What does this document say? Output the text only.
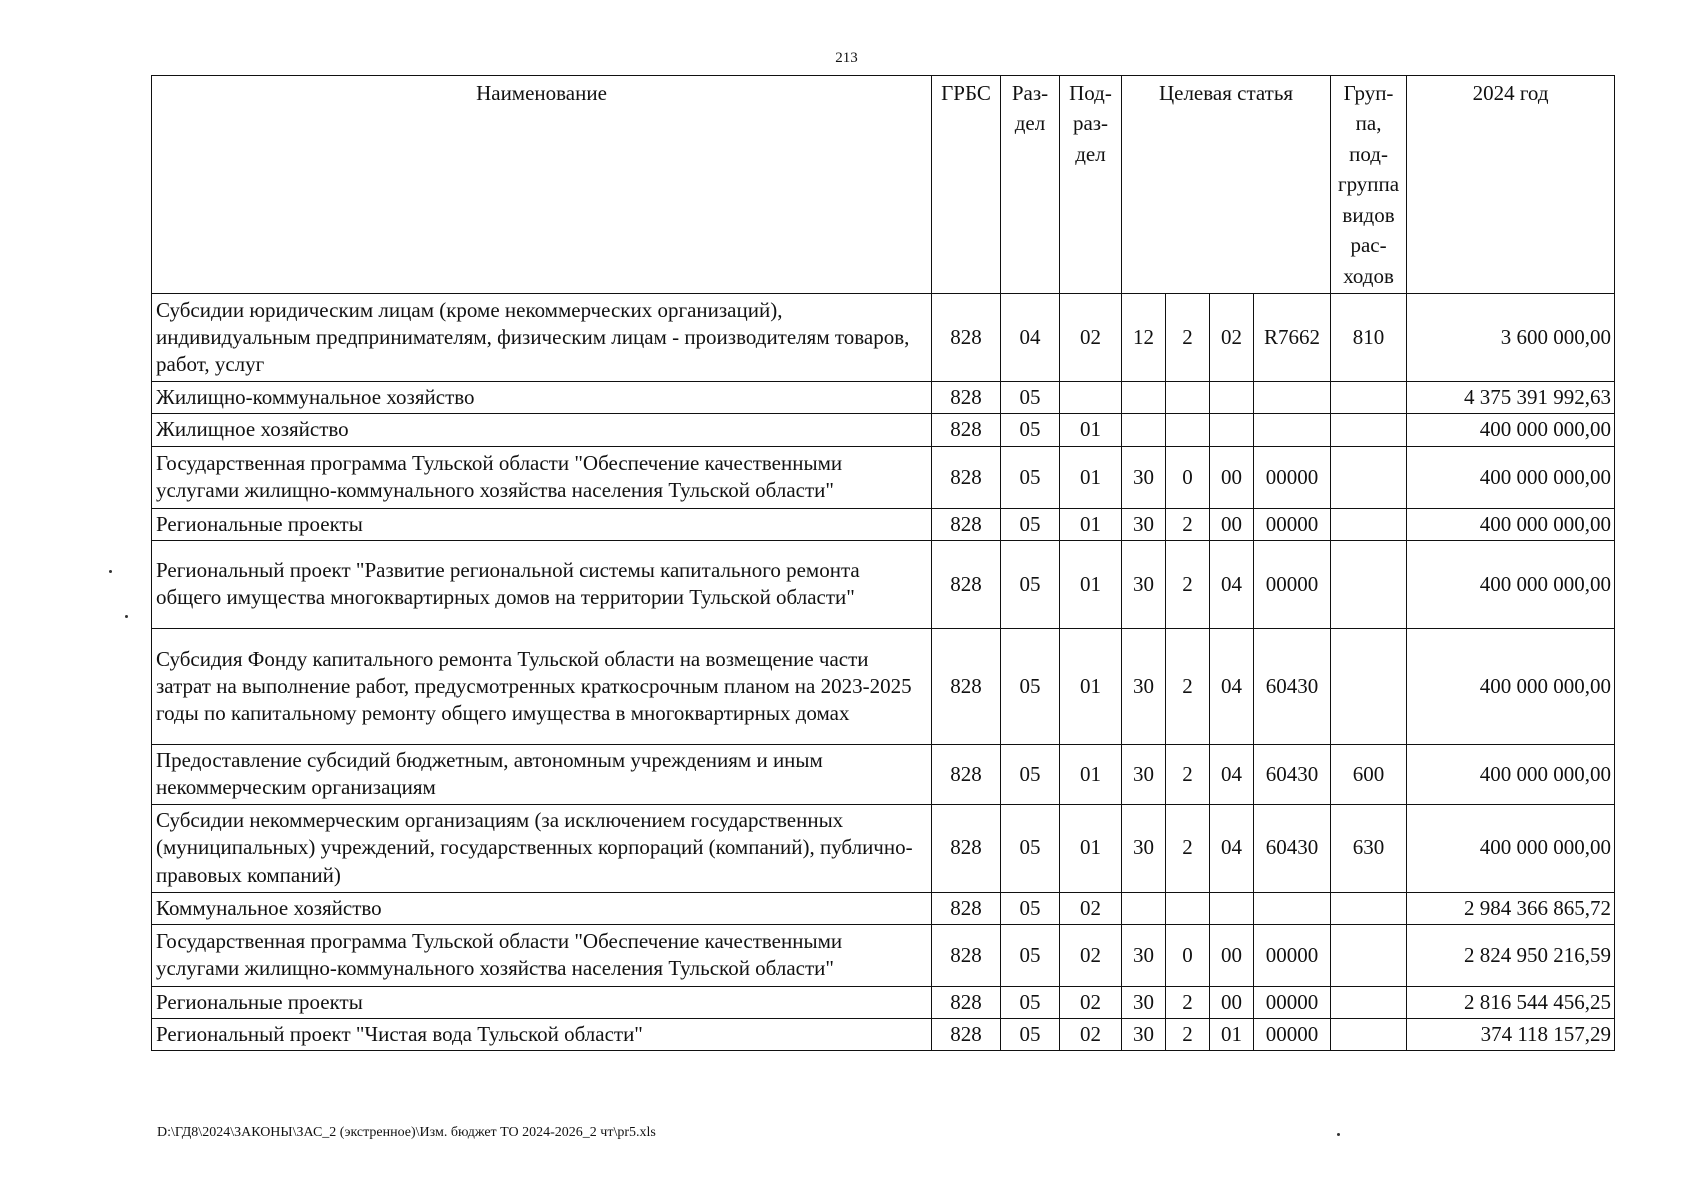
213
Наименование	ГРБС	Раз-дел	Под-раз-дел	Целевая статья				Груп-па, под-группа видов рас-ходов	2024 год
Субсидии юридическим лицам (кроме некоммерческих организаций), индивидуальным предпринимателям, физическим лицам - производителям товаров, работ, услуг	828	04	02	12	2	02	R7662	810	3 600 000,00
Жилищно-коммунальное хозяйство	828	05							4 375 391 992,63
Жилищное хозяйство	828	05	01						400 000 000,00
Государственная программа Тульской области "Обеспечение качественными услугами жилищно-коммунального хозяйства населения Тульской области"	828	05	01	30	0	00	00000		400 000 000,00
Региональные проекты	828	05	01	30	2	00	00000		400 000 000,00
Региональный проект "Развитие региональной системы капитального ремонта общего имущества многоквартирных домов на территории Тульской области"	828	05	01	30	2	04	00000		400 000 000,00
Субсидия Фонду капитального ремонта Тульской области на возмещение части затрат на выполнение работ, предусмотренных краткосрочным планом на 2023-2025 годы по капитальному ремонту общего имущества в многоквартирных домах	828	05	01	30	2	04	60430		400 000 000,00
Предоставление субсидий бюджетным, автономным учреждениям и иным некоммерческим организациям	828	05	01	30	2	04	60430	600	400 000 000,00
Субсидии некоммерческим организациям (за исключением государственных (муниципальных) учреждений, государственных корпораций (компаний), публично-правовых компаний)	828	05	01	30	2	04	60430	630	400 000 000,00
Коммунальное хозяйство	828	05	02						2 984 366 865,72
Государственная программа Тульской области "Обеспечение качественными услугами жилищно-коммунального хозяйства населения Тульской области"	828	05	02	30	0	00	00000		2 824 950 216,59
Региональные проекты	828	05	02	30	2	00	00000		2 816 544 456,25
Региональный проект "Чистая вода Тульской области"	828	05	02	30	2	01	00000		374 118 157,29
D:\ГД8\2024\ЗАКОНЫ\ЗАС_2 (экстренное)\Изм. бюджет ТО 2024-2026_2 чт\pr5.xls
